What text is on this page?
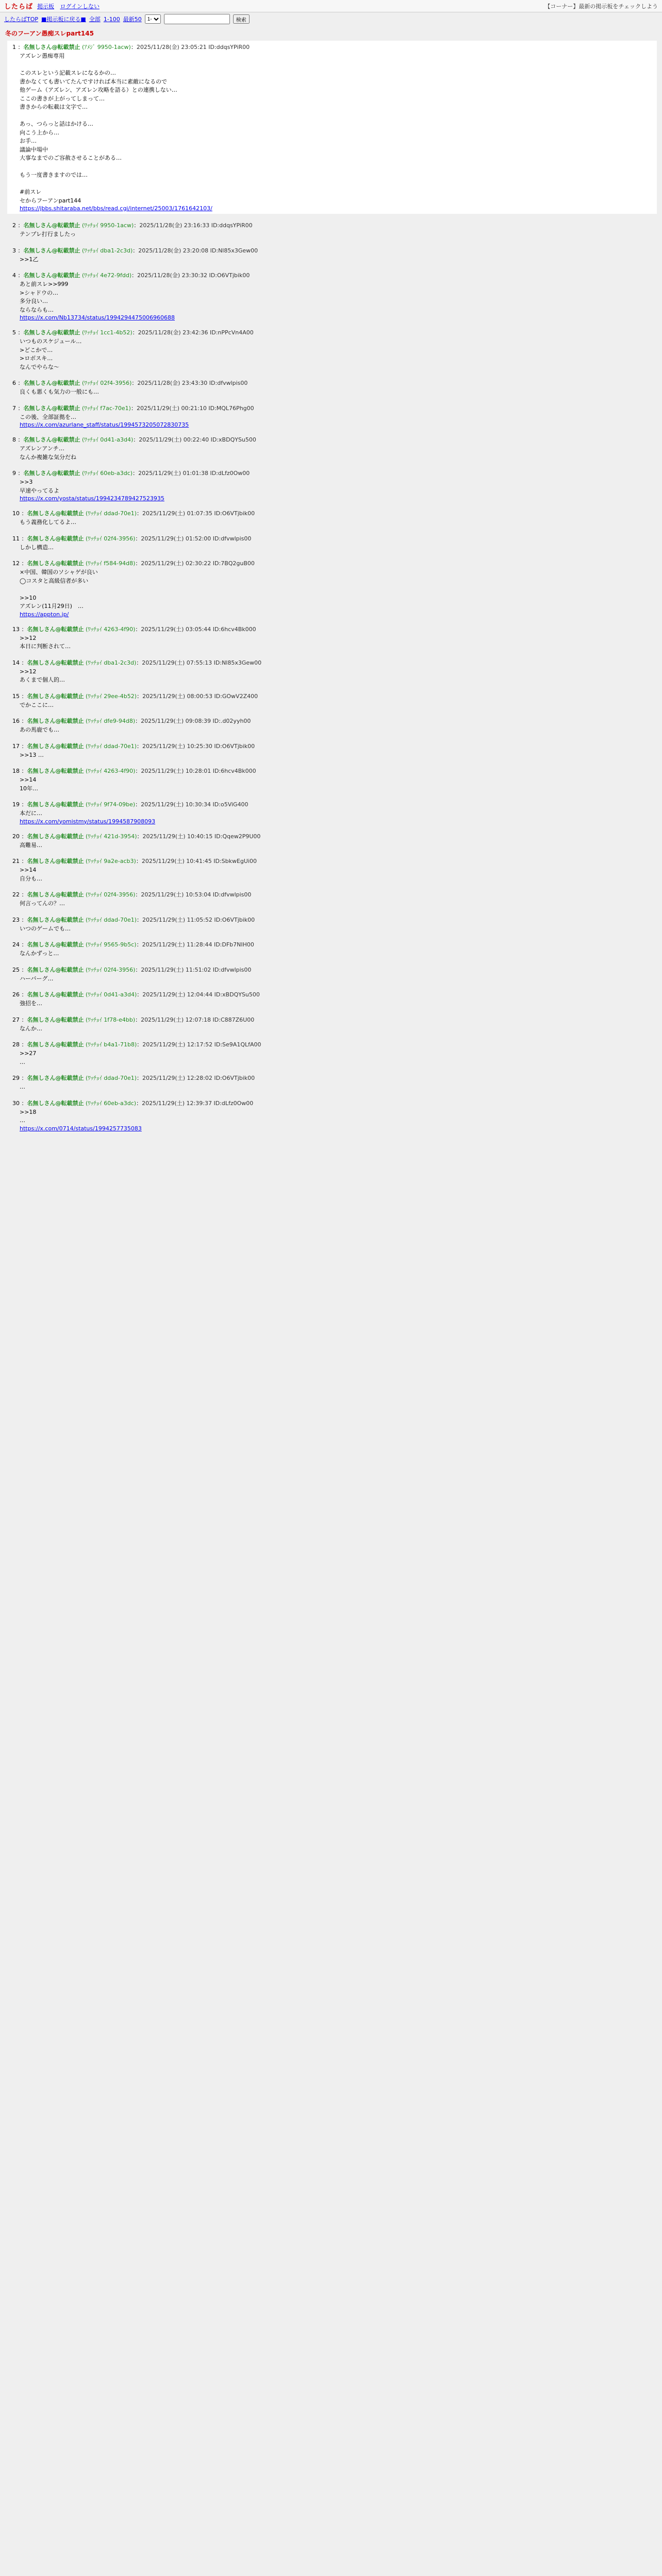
したらば 掲示板 ログインしない	【コーナー】最新の掲示板をチェックしよう
したらばTOP ■掲示板に戻る■ 全部 1-100 最新50
1-	検索
冬のフーアン愚痴スレpart145
1 ：名無しさん@転載禁止 (ｱﾒｼﾞ 9950-1acw)：2025/11/28(金) 23:05:21 ID:ddqsYPiR00
アズレン愚痴専用

このスレという記載スレになるかの…
書かなくても書いてたんですければ本当に素敵になるので
他ゲーム（アズレン、アズレン攻略を語る）との連携しない…
ここの書きが上がってしまって…
書きからの転載は文字で…

あっ、つらっと話はかける…
向こう上から…
お手…
議論中場中
大事なまでのご容赦させることがある…

もう一度書きますのでは…

#前スレ
セからフーアンpart144
https://jbbs.shitaraba.net/bbs/read.cgi/internet/25003/1761642103/
2 ：名無しさん@転載禁止 (ﾜｯﾁｮｲ 9950-1acw)：2025/11/28(金) 23:16:33 ID:ddqsYPiR00
テンプレ打行ましたっ
3 ：名無しさん@転載禁止 (ﾜｯﾁｮｲ dba1-2c3d)：2025/11/28(金) 23:20:08 ID:Nl85x3Gew00
>>1乙
4 ：名無しさん@転載禁止 (ﾜｯﾁｮｲ 4e72-9fdd)：2025/11/28(金) 23:30:32 ID:O6VTjbik00
あと前スレ>>999
>シャドウの…
多分良い…
ならならも…
https://x.com/Nb13734/status/1994294475006960688
5 ：名無しさん@転載禁止 (ﾜｯﾁｮｲ 1cc1-4b52)：2025/11/28(金) 23:42:36 ID:nPPcVn4A00
いつものスケジュール…
>どこかで…
>ロボスキ…
なんでやらな～
6 ：名無しさん@転載禁止 (ﾜｯﾁｮｲ 02f4-3956)：2025/11/28(金) 23:43:30 ID:dfvwlpis00
良くも悪くも気力の一般にも…
7 ：名無しさん@転載禁止 (ﾜｯﾁｮｲ f7ac-70e1)：2025/11/29(土) 00:21:10 ID:MQL76Phg00
この後、全部証拠を…
https://x.com/azurlane_staff/status/1994573205072830735
8 ：名無しさん@転載禁止 (ﾜｯﾁｮｲ 0d41-a3d4)：2025/11/29(土) 00:22:40 ID:xBDQYSu500
アズレンアンチ…
なんか複雑な気分だね
9 ：名無しさん@転載禁止 (ﾜｯﾁｮｲ 60eb-a3dc)：2025/11/29(土) 01:01:38 ID:dLfz0Ow00
>>3
早速やってるよ
https://x.com/yosta/status/1994234789427523935
10 ：名無しさん@転載禁止 (ﾜｯﾁｮｲ ddad-70e1)：2025/11/29(土) 01:07:35 ID:O6VTjbik00
もう義務化してるよ…
11 ：名無しさん@転載禁止 (ﾜｯﾁｮｲ 02f4-3956)：2025/11/29(土) 01:52:00 ID:dfvwlpis00
しかし構造…
12 ：名無しさん@転載禁止 (ﾜｯﾁｮｲ f584-94d8)：2025/11/29(土) 02:30:22 ID:7BQ2guB00
×中国、韓国のソシャゲが良い
◯コスタと高級信者が多い

>>10
アズレン(11月29日)　…
https://appton.jp/
13 ：名無しさん@転載禁止 (ﾜｯﾁｮｲ 4263-4f90)：2025/11/29(土) 03:05:44 ID:6hcv4Bk000
>>12
本日に判断されて…
14 ：名無しさん@転載禁止 (ﾜｯﾁｮｲ dba1-2c3d)：2025/11/29(土) 07:55:13 ID:Nl85x3Gew00
>>12
あくまで個人的…
15 ：名無しさん@転載禁止 (ﾜｯﾁｮｲ 29ee-4b52)：2025/11/29(土) 08:00:53 ID:GOwV2Z400
でかここに…
16 ：名無しさん@転載禁止 (ﾜｯﾁｮｲ dfe9-94d8)：2025/11/29(土) 09:08:39 ID:.d02yyh00
あの馬鹿でも…
17 ：名無しさん@転載禁止 (ﾜｯﾁｮｲ ddad-70e1)：2025/11/29(土) 10:25:30 ID:O6VTjbik00
>>13 …
18 ：名無しさん@転載禁止 (ﾜｯﾁｮｲ 4263-4f90)：2025/11/29(土) 10:28:01 ID:6hcv4Bk000
>>14
10年…
19 ：名無しさん@転載禁止 (ﾜｯﾁｮｲ 9f74-09be)：2025/11/29(土) 10:30:34 ID:o5ViG400
本だに…
https://x.com/yomistmy/status/1994587908093
20 ：名無しさん@転載禁止 (ﾜｯﾁｮｲ 421d-3954)：2025/11/29(土) 10:40:15 ID:Qqew2P9U00
高難易…
21 ：名無しさん@転載禁止 (ﾜｯﾁｮｲ 9a2e-acb3)：2025/11/29(土) 10:41:45 ID:SbkwEgUi00
>>14
自分も…
22 ：名無しさん@転載禁止 (ﾜｯﾁｮｲ 02f4-3956)：2025/11/29(土) 10:53:04 ID:dfvwlpis00
何言ってんの？…
23 ：名無しさん@転載禁止 (ﾜｯﾁｮｲ ddad-70e1)：2025/11/29(土) 11:05:52 ID:O6VTjbik00
いつのゲームでも…
24 ：名無しさん@転載禁止 (ﾜｯﾁｮｲ 9565-9b5c)：2025/11/29(土) 11:28:44 ID:DFb7NIH00
なんかずっと…
25 ：名無しさん@転載禁止 (ﾜｯﾁｮｲ 02f4-3956)：2025/11/29(土) 11:51:02 ID:dfvwlpis00
ハーバーグ…
26 ：名無しさん@転載禁止 (ﾜｯﾁｮｲ 0d41-a3d4)：2025/11/29(土) 12:04:44 ID:xBDQYSu500
強招を…
27 ：名無しさん@転載禁止 (ﾜｯﾁｮｲ 1f78-e4bb)：2025/11/29(土) 12:07:18 ID:C887Z6U00
なんか…
28 ：名無しさん@転載禁止 (ﾜｯﾁｮｲ b4a1-71b8)：2025/11/29(土) 12:17:52 ID:Se9A1QLfA00
>>27
…
29 ：名無しさん@転載禁止 (ﾜｯﾁｮｲ ddad-70e1)：2025/11/29(土) 12:28:02 ID:O6VTjbik00
…
30 ：名無しさん@転載禁止 (ﾜｯﾁｮｲ 60eb-a3dc)：2025/11/29(土) 12:39:37 ID:dLfz0Ow00
>>18
…
https://x.com/0714/status/1994257735083
